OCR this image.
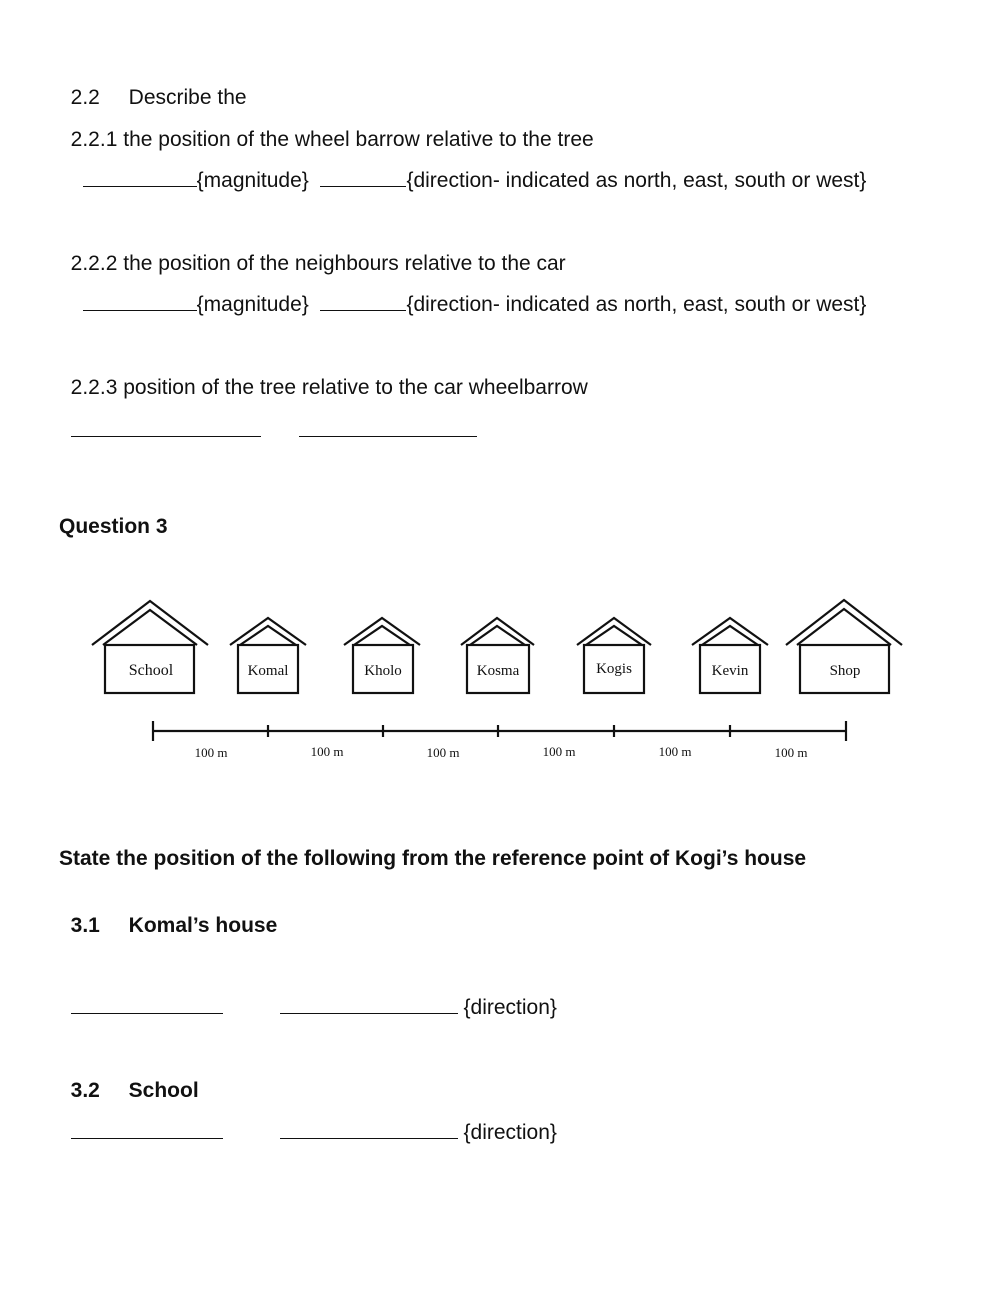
2.2 Describe the

2.2.1 the position of the wheel barrow relative to the tree

{magnitude}	{direction- indicated as north, east, south or west}

2.2.2 the position of the neighbours relative to the car

{magnitude}	{direction- indicated as north, east, south or west}

2.2.3 position of the tree relative to the car wheelbarrow

Question 3
School	Komal	Kholo	Kosma	Kogis	Kevin	Shop
100 m	100 m	100 m	100 m	100 m	100 m
State the position of the following from the reference point of Kogi’s house

3.1 Komal’s house

{direction}

3.2 School

{direction}
